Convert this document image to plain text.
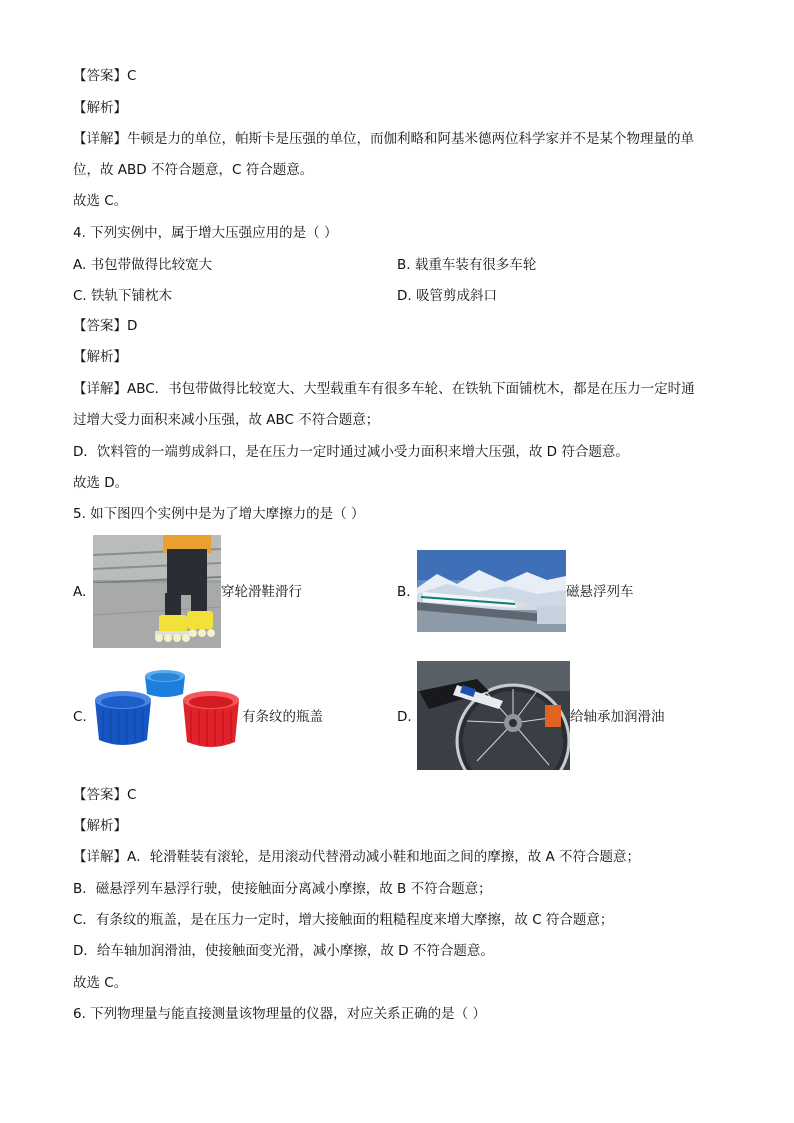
【答案】C
【解析】
【详解】牛顿是力的单位，帕斯卡是压强的单位，而伽利略和阿基米德两位科学家并不是某个物理量的单
位，故 ABD 不符合题意，C 符合题意。
故选 C。
4. 下列实例中，属于增大压强应用的是（ ）
A. 书包带做得比较宽大	B. 载重车装有很多车轮
C. 铁轨下铺枕木	D. 吸管剪成斜口
【答案】D
【解析】
【详解】ABC．书包带做得比较宽大、大型载重车有很多车轮、在铁轨下面铺枕木，都是在压力一定时通
过增大受力面积来减小压强，故 ABC 不符合题意；
D．饮料管的一端剪成斜口，是在压力一定时通过减小受力面积来增大压强，故 D 符合题意。
故选 D。
5. 如下图四个实例中是为了增大摩擦力的是（ ）
A.	穿轮滑鞋滑行	B.	磁悬浮列车
C.	有条纹的瓶盖	D.	给轴承加润滑油
【答案】C
【解析】
【详解】A．轮滑鞋装有滚轮，是用滚动代替滑动减小鞋和地面之间的摩擦，故 A 不符合题意；
B．磁悬浮列车悬浮行驶，使接触面分离减小摩擦，故 B 不符合题意；
C．有条纹的瓶盖，是在压力一定时，增大接触面的粗糙程度来增大摩擦，故 C 符合题意；
D．给车轴加润滑油，使接触面变光滑，减小摩擦，故 D 不符合题意。
故选 C。
6. 下列物理量与能直接测量该物理量的仪器，对应关系正确的是（ ）
